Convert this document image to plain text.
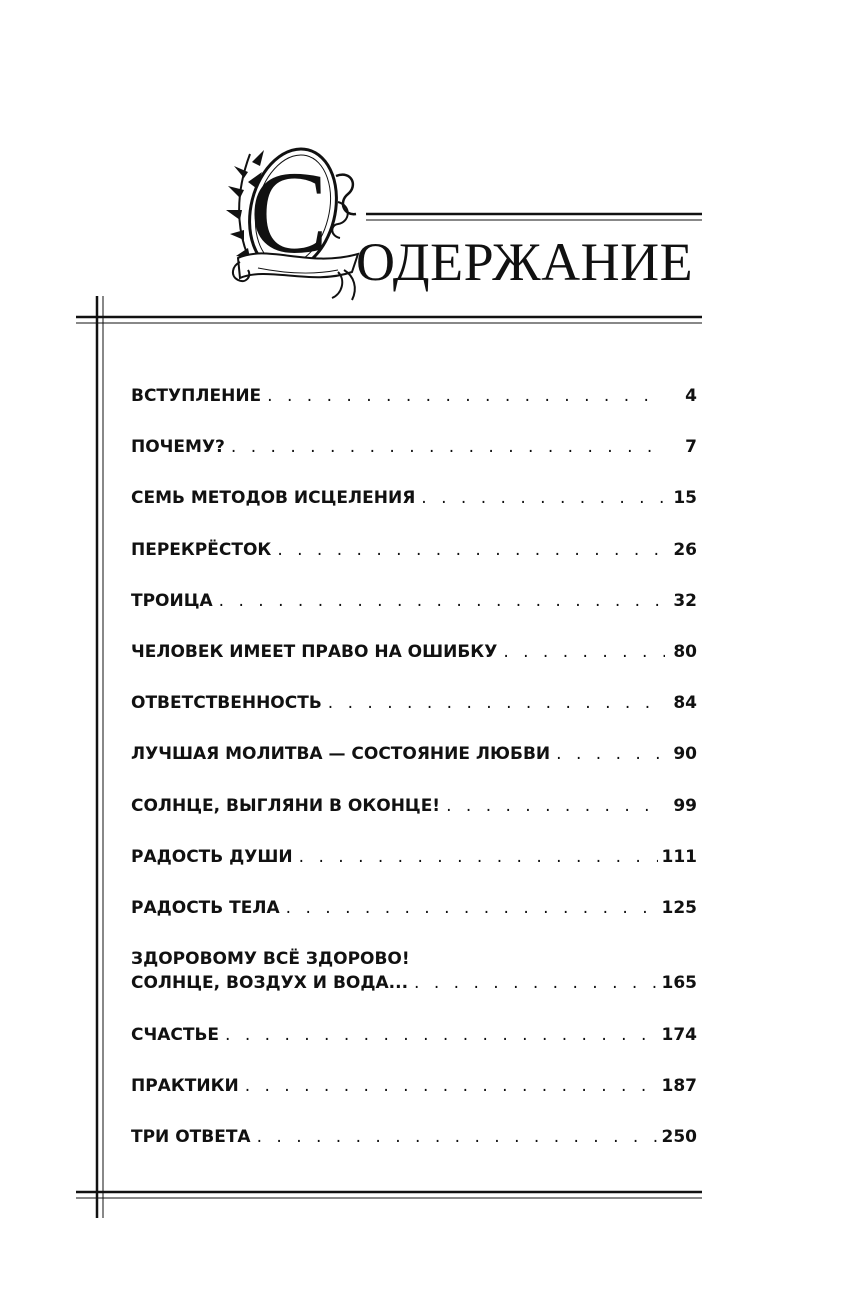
С ОДЕРЖАНИЕ
ВСТУПЛЕНИЕ . . .	4
ПОЧЕМУ? . . .	7
СЕМЬ МЕТОДОВ ИСЦЕЛЕНИЯ . . .	15
ПЕРЕКРЁСТОК . . .	26
ТРОИЦА . . .	32
ЧЕЛОВЕК ИМЕЕТ ПРАВО НА ОШИБКУ . . .	80
ОТВЕТСТВЕННОСТЬ . . .	84
ЛУЧШАЯ МОЛИТВА — СОСТОЯНИЕ ЛЮБВИ . . .	90
СОЛНЦЕ, ВЫГЛЯНИ В ОКОНЦЕ! . . .	99
РАДОСТЬ ДУШИ . . .	111
РАДОСТЬ ТЕЛА . . .	125
ЗДОРОВОМУ ВСЁ ЗДОРОВО!
СОЛНЦЕ, ВОЗДУХ И ВОДА... . . .	165
СЧАСТЬЕ . . .	174
ПРАКТИКИ . . .	187
ТРИ ОТВЕТА . . .	250
